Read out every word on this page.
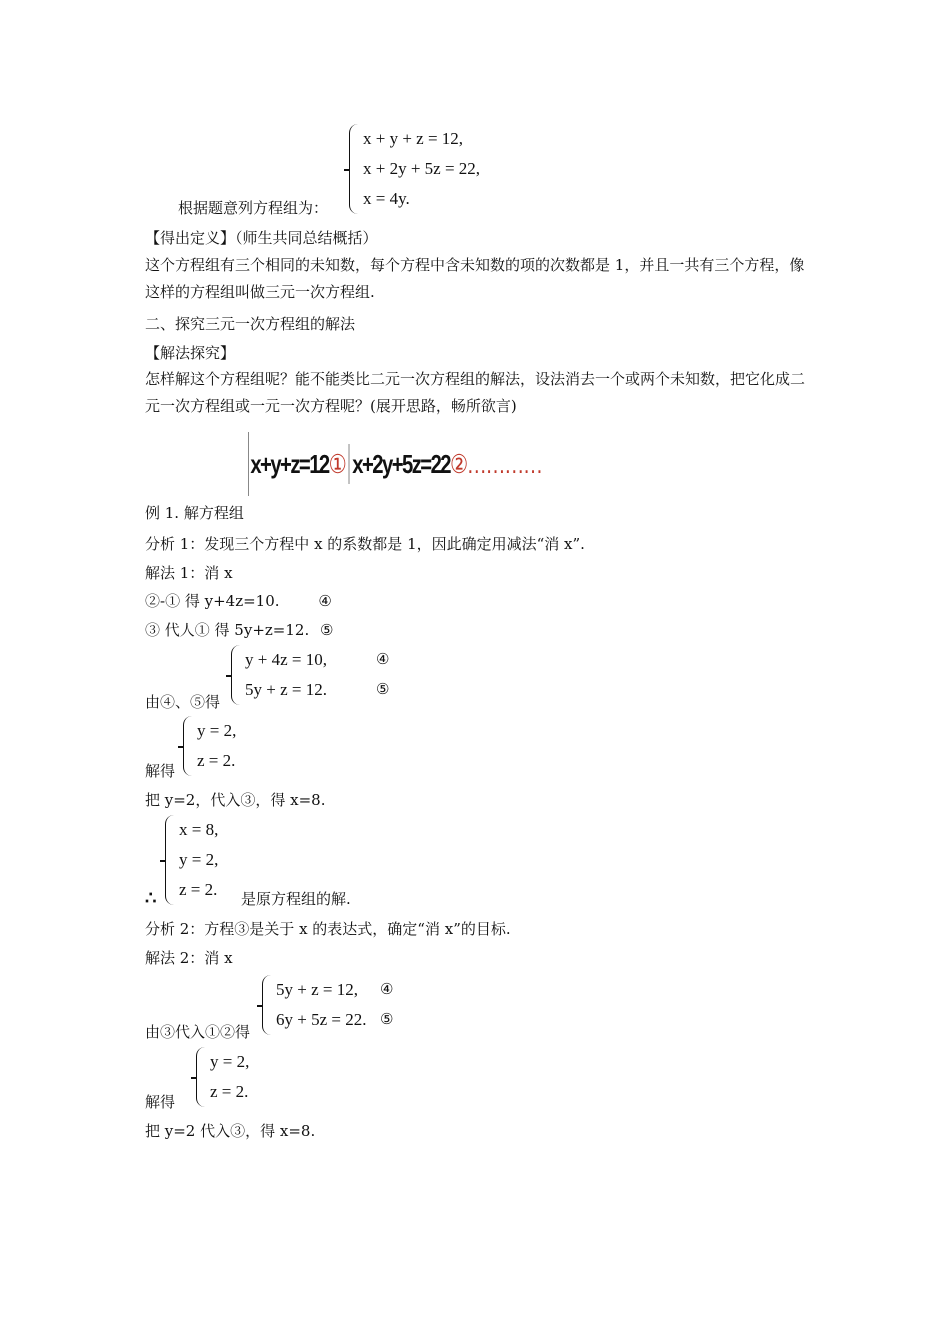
x + y + z = 12,
x + 2y + 5z = 22,
x = 4y.
根据题意列方程组为：
【得出定义】（师生共同总结概括）
这个方程组有三个相同的未知数，每个方程中含未知数的项的次数都是 1，并且一共有三个方程，像这样的方程组叫做三元一次方程组.
二、探究三元一次方程组的解法
【解法探究】
怎样解这个方程组呢？能不能类比二元一次方程组的解法，设法消去一个或两个未知数，把它化成二元一次方程组或一元一次方程呢？(展开思路，畅所欲言)
x+y+z=12 ① x+2y+5z=22 ② …………
例 1. 解方程组
分析 1：发现三个方程中 x 的系数都是 1，因此确定用减法“消 x”.
解法 1：消 x
②-① 得 y+4z=10.	④
③ 代人① 得 5y+z=12. ⑤
y + 4z = 10,
5y + z = 12.
④
⑤
由④、⑤得
y = 2,
z = 2.
解得
把 y=2，代入③，得 x=8.
x = 8,
y = 2,
z = 2.
∴	是原方程组的解.
分析 2：方程③是关于 x 的表达式，确定“消 x”的目标.
解法 2：消 x
5y + z = 12,
6y + 5z = 22.
④
⑤
由③代入①②得
y = 2,
z = 2.
解得
把 y=2 代入③，得 x=8.
